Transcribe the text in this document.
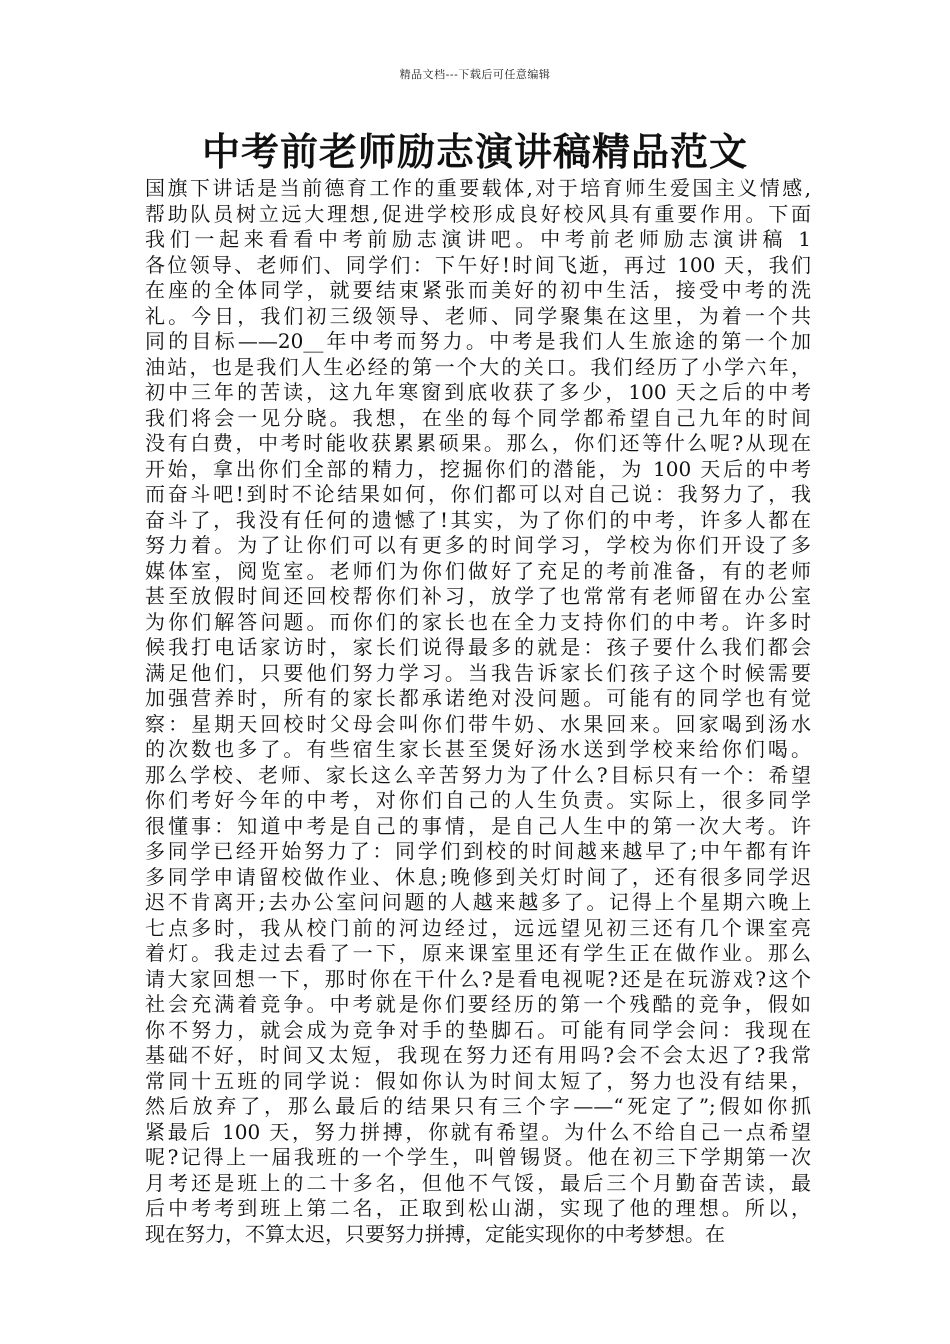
精品文档---下载后可任意编辑
中考前老师励志演讲稿精品范文
国旗下讲话是当前德育工作的重要载体,对于培育师生爱国主义情感,
帮助队员树立远大理想,促进学校形成良好校风具有重要作用。下面
我们一起来看看中考前励志演讲吧。中考前老师励志演讲稿 1
各位领导、老师们、同学们：下午好!时间飞逝，再过 100 天，我们
在座的全体同学，就要结束紧张而美好的初中生活，接受中考的洗
礼。今日，我们初三级领导、老师、同学聚集在这里，为着一个共
同的目标——20__年中考而努力。中考是我们人生旅途的第一个加
油站，也是我们人生必经的第一个大的关口。我们经历了小学六年，
初中三年的苦读，这九年寒窗到底收获了多少，100 天之后的中考
我们将会一见分晓。我想，在坐的每个同学都希望自己九年的时间
没有白费，中考时能收获累累硕果。那么，你们还等什么呢?从现在
开始，拿出你们全部的精力，挖掘你们的潜能，为 100 天后的中考
而奋斗吧!到时不论结果如何，你们都可以对自己说：我努力了，我
奋斗了，我没有任何的遗憾了!其实，为了你们的中考，许多人都在
努力着。为了让你们可以有更多的时间学习，学校为你们开设了多
媒体室，阅览室。老师们为你们做好了充足的考前准备，有的老师
甚至放假时间还回校帮你们补习，放学了也常常有老师留在办公室
为你们解答问题。而你们的家长也在全力支持你们的中考。许多时
候我打电话家访时，家长们说得最多的就是：孩子要什么我们都会
满足他们，只要他们努力学习。当我告诉家长们孩子这个时候需要
加强营养时，所有的家长都承诺绝对没问题。可能有的同学也有觉
察：星期天回校时父母会叫你们带牛奶、水果回来。回家喝到汤水
的次数也多了。有些宿生家长甚至煲好汤水送到学校来给你们喝。
那么学校、老师、家长这么辛苦努力为了什么?目标只有一个：希望
你们考好今年的中考，对你们自己的人生负责。实际上，很多同学
很懂事：知道中考是自己的事情，是自己人生中的第一次大考。许
多同学已经开始努力了：同学们到校的时间越来越早了;中午都有许
多同学申请留校做作业、休息;晚修到关灯时间了，还有很多同学迟
迟不肯离开;去办公室问问题的人越来越多了。记得上个星期六晚上
七点多时，我从校门前的河边经过，远远望见初三还有几个课室亮
着灯。我走过去看了一下，原来课室里还有学生正在做作业。那么
请大家回想一下，那时你在干什么?是看电视呢?还是在玩游戏?这个
社会充满着竞争。中考就是你们要经历的第一个残酷的竞争，假如
你不努力，就会成为竞争对手的垫脚石。可能有同学会问：我现在
基础不好，时间又太短，我现在努力还有用吗?会不会太迟了?我常
常同十五班的同学说：假如你认为时间太短了，努力也没有结果，
然后放弃了，那么最后的结果只有三个字——“死定了”;假如你抓
紧最后 100 天，努力拼搏，你就有希望。为什么不给自己一点希望
呢?记得上一届我班的一个学生，叫曾锡贤。他在初三下学期第一次
月考还是班上的二十多名，但他不气馁，最后三个月勤奋苦读，最
后中考考到班上第二名，正取到松山湖，实现了他的理想。所以，
现在努力，不算太迟，只要努力拼搏，定能实现你的中考梦想。在
